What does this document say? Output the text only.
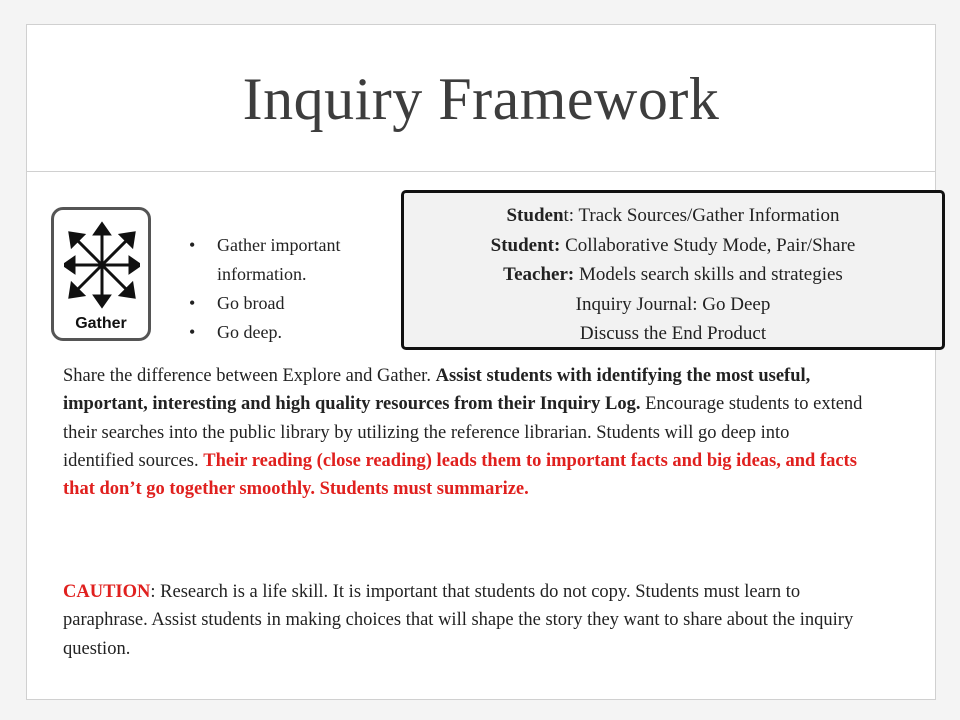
Inquiry Framework
Gather
• Gather important information.
• Go broad
• Go deep.
Student: Track Sources/Gather Information
Student: Collaborative Study Mode, Pair/Share
Teacher: Models search skills and strategies
Inquiry Journal: Go Deep
Discuss the End Product

Share the difference between Explore and Gather. Assist students with identifying the most useful, important, interesting and high quality resources from their Inquiry Log. Encourage students to extend their searches into the public library by utilizing the reference librarian. Students will go deep into identified sources. Their reading (close reading) leads them to important facts and big ideas, and facts that don’t go together smoothly. Students must summarize.

CAUTION: Research is a life skill. It is important that students do not copy. Students must learn to paraphrase. Assist students in making choices that will shape the story they want to share about the inquiry question.
